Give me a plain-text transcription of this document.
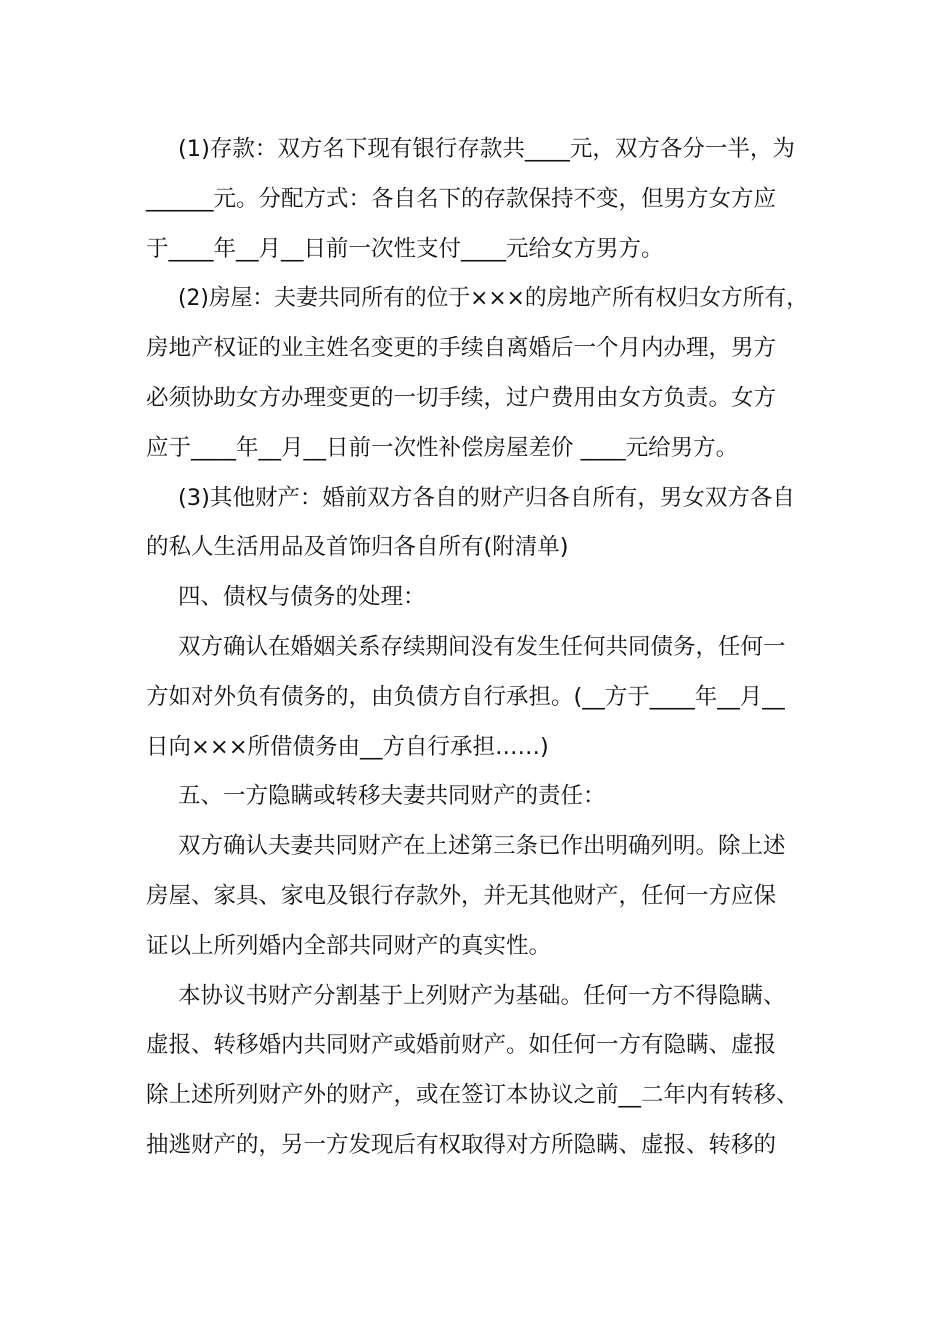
(1)存款：双方名下现有银行存款共____元，双方各分一半，为
______元。分配方式：各自名下的存款保持不变，但男方女方应
于____年__月__日前一次性支付____元给女方男方。

(2)房屋：夫妻共同所有的位于×××的房地产所有权归女方所有，
房地产权证的业主姓名变更的手续自离婚后一个月内办理，男方
必须协助女方办理变更的一切手续，过户费用由女方负责。女方
应于____年__月__日前一次性补偿房屋差价 ____元给男方。

(3)其他财产：婚前双方各自的财产归各自所有，男女双方各自
的私人生活用品及首饰归各自所有(附清单)

四、债权与债务的处理：

双方确认在婚姻关系存续期间没有发生任何共同债务，任何一
方如对外负有债务的，由负债方自行承担。(__方于____年__月__
日向×××所借债务由__方自行承担……)

五、一方隐瞒或转移夫妻共同财产的责任：

双方确认夫妻共同财产在上述第三条已作出明确列明。除上述
房屋、家具、家电及银行存款外，并无其他财产，任何一方应保
证以上所列婚内全部共同财产的真实性。

本协议书财产分割基于上列财产为基础。任何一方不得隐瞒、
虚报、转移婚内共同财产或婚前财产。如任何一方有隐瞒、虚报
除上述所列财产外的财产，或在签订本协议之前__二年内有转移、
抽逃财产的，另一方发现后有权取得对方所隐瞒、虚报、转移的
